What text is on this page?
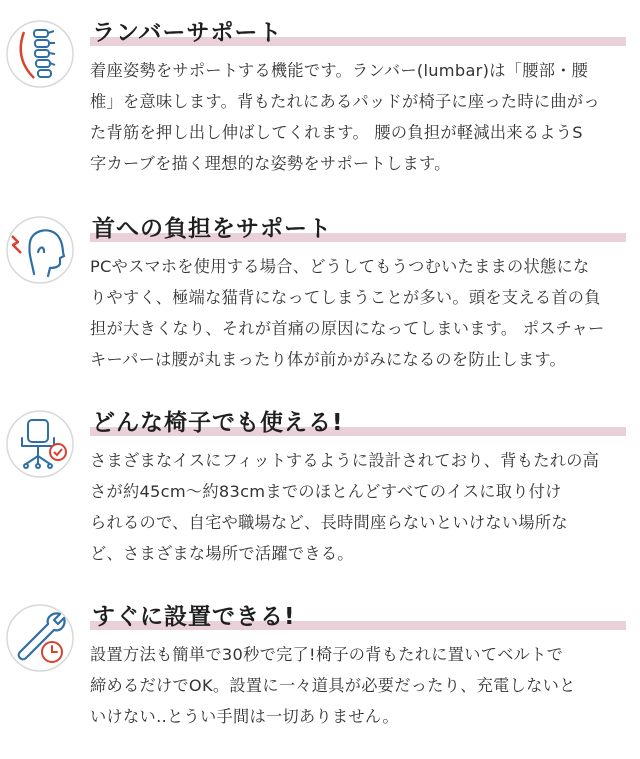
ランバーサポート
着座姿勢をサポートする機能です。ランバー(lumbar)は「腰部・腰
椎」を意味します。背もたれにあるパッドが椅子に座った時に曲がっ
た背筋を押し出し伸ばしてくれます。 腰の負担が軽減出来るようS
字カーブを描く理想的な姿勢をサポートします。
首への負担をサポート
PCやスマホを使用する場合、どうしてもうつむいたままの状態にな
りやすく、極端な猫背になってしまうことが多い。頭を支える首の負
担が大きくなり、それが首痛の原因になってしまいます。 ポスチャー
キーパーは腰が丸まったり体が前かがみになるのを防止します。
どんな椅子でも使える!
さまざまなイスにフィットするように設計されており、背もたれの高
さが約45cm〜約83cmまでのほとんどすべてのイスに取り付け
られるので、自宅や職場など、長時間座らないといけない場所な
ど、さまざまな場所で活躍できる。
すぐに設置できる!
設置方法も簡単で30秒で完了!椅子の背もたれに置いてベルトで
締めるだけでOK。設置に一々道具が必要だったり、充電しないと
いけない‥とうい手間は一切ありません。
